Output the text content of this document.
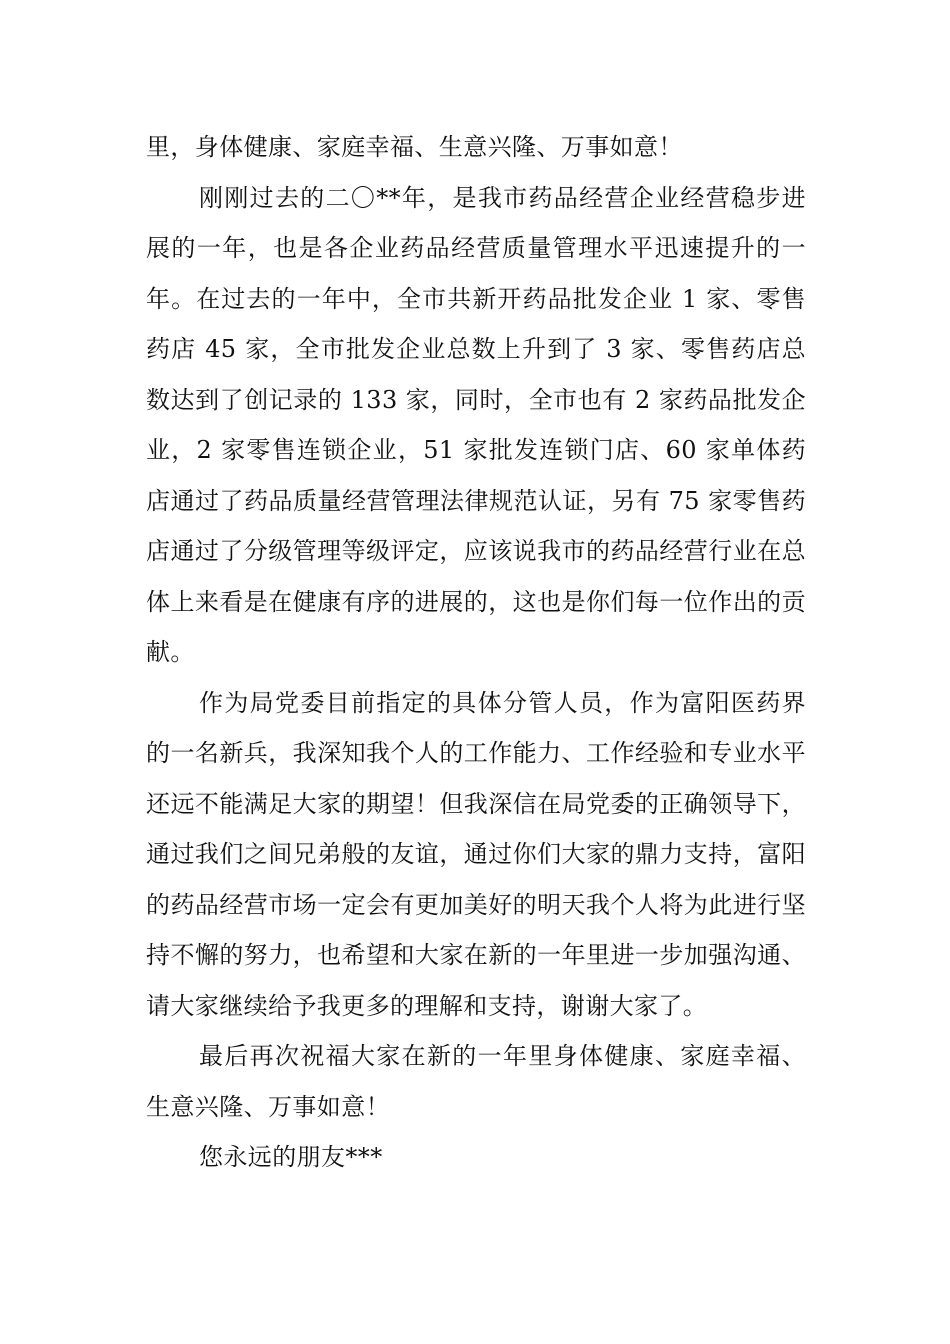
里，身体健康、家庭幸福、生意兴隆、万事如意！

刚刚过去的二〇**年，是我市药品经营企业经营稳步进展的一年，也是各企业药品经营质量管理水平迅速提升的一年。在过去的一年中，全市共新开药品批发企业 1 家、零售药店 45 家，全市批发企业总数上升到了 3 家、零售药店总数达到了创记录的 133 家，同时，全市也有 2 家药品批发企业，2 家零售连锁企业，51 家批发连锁门店、60 家单体药店通过了药品质量经营管理法律规范认证，另有 75 家零售药店通过了分级管理等级评定，应该说我市的药品经营行业在总体上来看是在健康有序的进展的，这也是你们每一位作出的贡献。

作为局党委目前指定的具体分管人员，作为富阳医药界的一名新兵，我深知我个人的工作能力、工作经验和专业水平还远不能满足大家的期望！但我深信在局党委的正确领导下，通过我们之间兄弟般的友谊，通过你们大家的鼎力支持，富阳的药品经营市场一定会有更加美好的明天我个人将为此进行坚持不懈的努力，也希望和大家在新的一年里进一步加强沟通、请大家继续给予我更多的理解和支持，谢谢大家了。

最后再次祝福大家在新的一年里身体健康、家庭幸福、生意兴隆、万事如意！

您永远的朋友***
